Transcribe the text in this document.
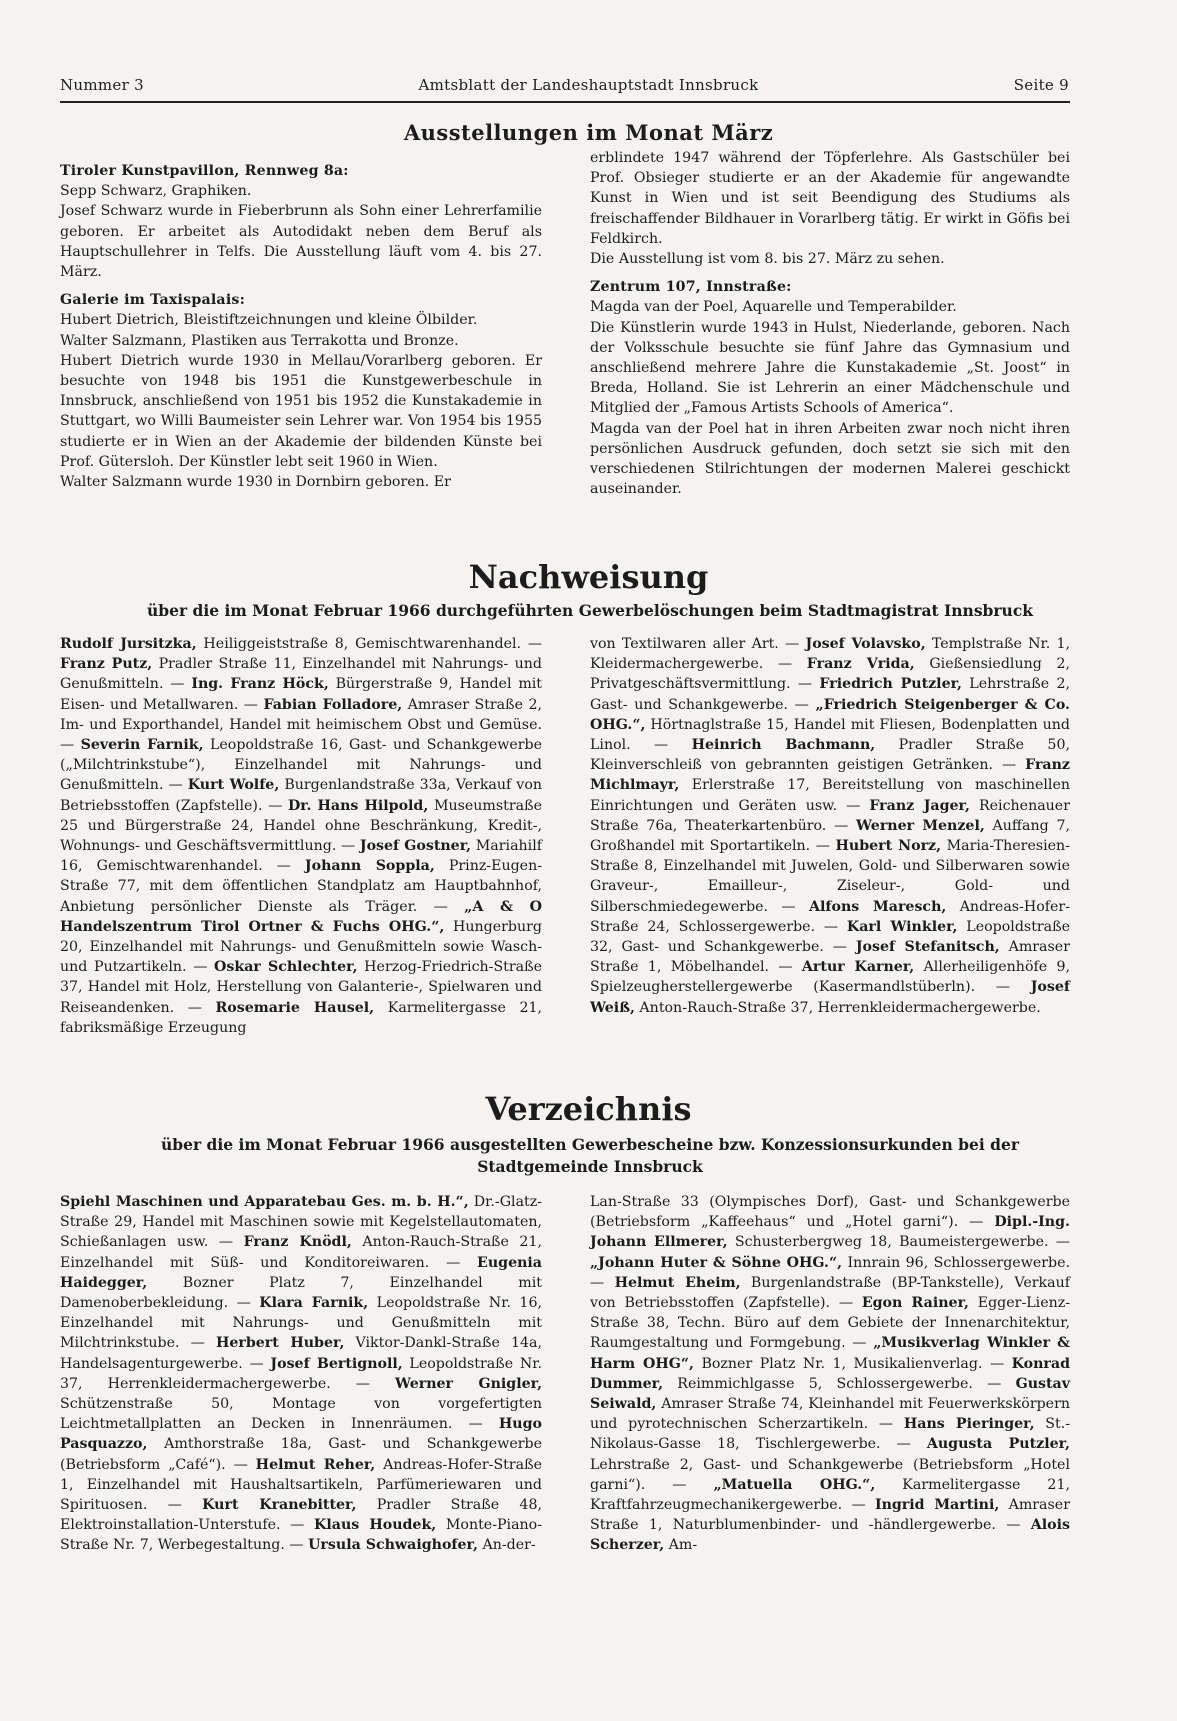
Nummer 3	Amtsblatt der Landeshauptstadt Innsbruck	Seite 9
Ausstellungen im Monat März

Tiroler Kunstpavillon, Rennweg 8a:

Sepp Schwarz, Graphiken.

Josef Schwarz wurde in Fieberbrunn als Sohn einer Lehrerfamilie geboren. Er arbeitet als Autodidakt neben dem Beruf als Hauptschullehrer in Telfs. Die Ausstellung läuft vom 4. bis 27. März.

Galerie im Taxispalais:

Hubert Dietrich, Bleistiftzeichnungen und kleine Ölbilder.

Walter Salzmann, Plastiken aus Terrakotta und Bronze.

Hubert Dietrich wurde 1930 in Mellau/Vorarlberg geboren. Er besuchte von 1948 bis 1951 die Kunstgewerbeschule in Innsbruck, anschließend von 1951 bis 1952 die Kunstakademie in Stuttgart, wo Willi Baumeister sein Lehrer war. Von 1954 bis 1955 studierte er in Wien an der Akademie der bildenden Künste bei Prof. Gütersloh. Der Künstler lebt seit 1960 in Wien.

Walter Salzmann wurde 1930 in Dornbirn geboren. Er

erblindete 1947 während der Töpferlehre. Als Gastschüler bei Prof. Obsieger studierte er an der Akademie für angewandte Kunst in Wien und ist seit Beendigung des Studiums als freischaffender Bildhauer in Vorarlberg tätig. Er wirkt in Göfis bei Feldkirch.

Die Ausstellung ist vom 8. bis 27. März zu sehen.

Zentrum 107, Innstraße:

Magda van der Poel, Aquarelle und Temperabilder.

Die Künstlerin wurde 1943 in Hulst, Niederlande, geboren. Nach der Volksschule besuchte sie fünf Jahre das Gymnasium und anschließend mehrere Jahre die Kunstakademie „St. Joost“ in Breda, Holland. Sie ist Lehrerin an einer Mädchenschule und Mitglied der „Famous Artists Schools of America“.

Magda van der Poel hat in ihren Arbeiten zwar noch nicht ihren persönlichen Ausdruck gefunden, doch setzt sie sich mit den verschiedenen Stilrichtungen der modernen Malerei geschickt auseinander.

Nachweisung
über die im Monat Februar 1966 durchgeführten Gewerbelöschungen beim Stadtmagistrat Innsbruck

Rudolf Jursitzka, Heiliggeiststraße 8, Gemischtwarenhandel. — Franz Putz, Pradler Straße 11, Einzelhandel mit Nahrungs- und Genußmitteln. — Ing. Franz Höck, Bürgerstraße 9, Handel mit Eisen- und Metallwaren. — Fabian Folladore, Amraser Straße 2, Im- und Exporthandel, Handel mit heimischem Obst und Gemüse. — Severin Farnik, Leopoldstraße 16, Gast- und Schankgewerbe („Milchtrinkstube“), Einzelhandel mit Nahrungs- und Genußmitteln. — Kurt Wolfe, Burgenlandstraße 33a, Verkauf von Betriebsstoffen (Zapfstelle). — Dr. Hans Hilpold, Museumstraße 25 und Bürgerstraße 24, Handel ohne Beschränkung, Kredit-, Wohnungs- und Geschäftsvermittlung. — Josef Gostner, Mariahilf 16, Gemischtwarenhandel. — Johann Soppla, Prinz-Eugen-Straße 77, mit dem öffentlichen Standplatz am Hauptbahnhof, Anbietung persönlicher Dienste als Träger. — „A & O Handelszentrum Tirol Ortner & Fuchs OHG.“, Hungerburg 20, Einzelhandel mit Nahrungs- und Genußmitteln sowie Wasch- und Putzartikeln. — Oskar Schlechter, Herzog-Friedrich-Straße 37, Handel mit Holz, Herstellung von Galanterie-, Spielwaren und Reiseandenken. — Rosemarie Hausel, Karmelitergasse 21, fabriksmäßige Erzeugung

von Textilwaren aller Art. — Josef Volavsko, Templstraße Nr. 1, Kleidermachergewerbe. — Franz Vrida, Gießensiedlung 2, Privatgeschäftsvermittlung. — Friedrich Putzler, Lehrstraße 2, Gast- und Schankgewerbe. — „Friedrich Steigenberger & Co. OHG.“, Hörtnaglstraße 15, Handel mit Fliesen, Bodenplatten und Linol. — Heinrich Bachmann, Pradler Straße 50, Kleinverschleiß von gebrannten geistigen Getränken. — Franz Michlmayr, Erlerstraße 17, Bereitstellung von maschinellen Einrichtungen und Geräten usw. — Franz Jager, Reichenauer Straße 76a, Theaterkartenbüro. — Werner Menzel, Auffang 7, Großhandel mit Sportartikeln. — Hubert Norz, Maria-Theresien-Straße 8, Einzelhandel mit Juwelen, Gold- und Silberwaren sowie Graveur-, Emailleur-, Ziseleur-, Gold- und Silberschmiedegewerbe. — Alfons Maresch, Andreas-Hofer-Straße 24, Schlossergewerbe. — Karl Winkler, Leopoldstraße 32, Gast- und Schankgewerbe. — Josef Stefanitsch, Amraser Straße 1, Möbelhandel. — Artur Karner, Allerheiligenhöfe 9, Spielzeugherstellergewerbe (Kasermandlstüberln). — Josef Weiß, Anton-Rauch-Straße 37, Herrenkleidermachergewerbe.

Verzeichnis
über die im Monat Februar 1966 ausgestellten Gewerbescheine bzw. Konzessionsurkunden bei der Stadtgemeinde Innsbruck

Spiehl Maschinen und Apparatebau Ges. m. b. H.“, Dr.-Glatz-Straße 29, Handel mit Maschinen sowie mit Kegelstellautomaten, Schießanlagen usw. — Franz Knödl, Anton-Rauch-Straße 21, Einzelhandel mit Süß- und Konditoreiwaren. — Eugenia Haidegger, Bozner Platz 7, Einzelhandel mit Damenoberbekleidung. — Klara Farnik, Leopoldstraße Nr. 16, Einzelhandel mit Nahrungs- und Genußmitteln mit Milchtrinkstube. — Herbert Huber, Viktor-Dankl-Straße 14a, Handelsagenturgewerbe. — Josef Bertignoll, Leopoldstraße Nr. 37, Herrenkleidermachergewerbe. — Werner Gnigler, Schützenstraße 50, Montage von vorgefertigten Leichtmetallplatten an Decken in Innenräumen. — Hugo Pasquazzo, Amthorstraße 18a, Gast- und Schankgewerbe (Betriebsform „Café“). — Helmut Reher, Andreas-Hofer-Straße 1, Einzelhandel mit Haushaltsartikeln, Parfümeriewaren und Spirituosen. — Kurt Kranebitter, Pradler Straße 48, Elektroinstallation-Unterstufe. — Klaus Houdek, Monte-Piano-Straße Nr. 7, Werbegestaltung. — Ursula Schwaighofer, An-der-

Lan-Straße 33 (Olympisches Dorf), Gast- und Schankgewerbe (Betriebsform „Kaffeehaus“ und „Hotel garni“). — Dipl.-Ing. Johann Ellmerer, Schusterbergweg 18, Baumeistergewerbe. — „Johann Huter & Söhne OHG.“, Innrain 96, Schlossergewerbe. — Helmut Eheim, Burgenlandstraße (BP-Tankstelle), Verkauf von Betriebsstoffen (Zapfstelle). — Egon Rainer, Egger-Lienz-Straße 38, Techn. Büro auf dem Gebiete der Innenarchitektur, Raumgestaltung und Formgebung. — „Musikverlag Winkler & Harm OHG“, Bozner Platz Nr. 1, Musikalienverlag. — Konrad Dummer, Reimmichlgasse 5, Schlossergewerbe. — Gustav Seiwald, Amraser Straße 74, Kleinhandel mit Feuerwerkskörpern und pyrotechnischen Scherzartikeln. — Hans Pieringer, St.-Nikolaus-Gasse 18, Tischlergewerbe. — Augusta Putzler, Lehrstraße 2, Gast- und Schankgewerbe (Betriebsform „Hotel garni“). — „Matuella OHG.“, Karmelitergasse 21, Kraftfahrzeugmechanikergewerbe. — Ingrid Martini, Amraser Straße 1, Naturblumenbinder- und -händlergewerbe. — Alois Scherzer, Am-
